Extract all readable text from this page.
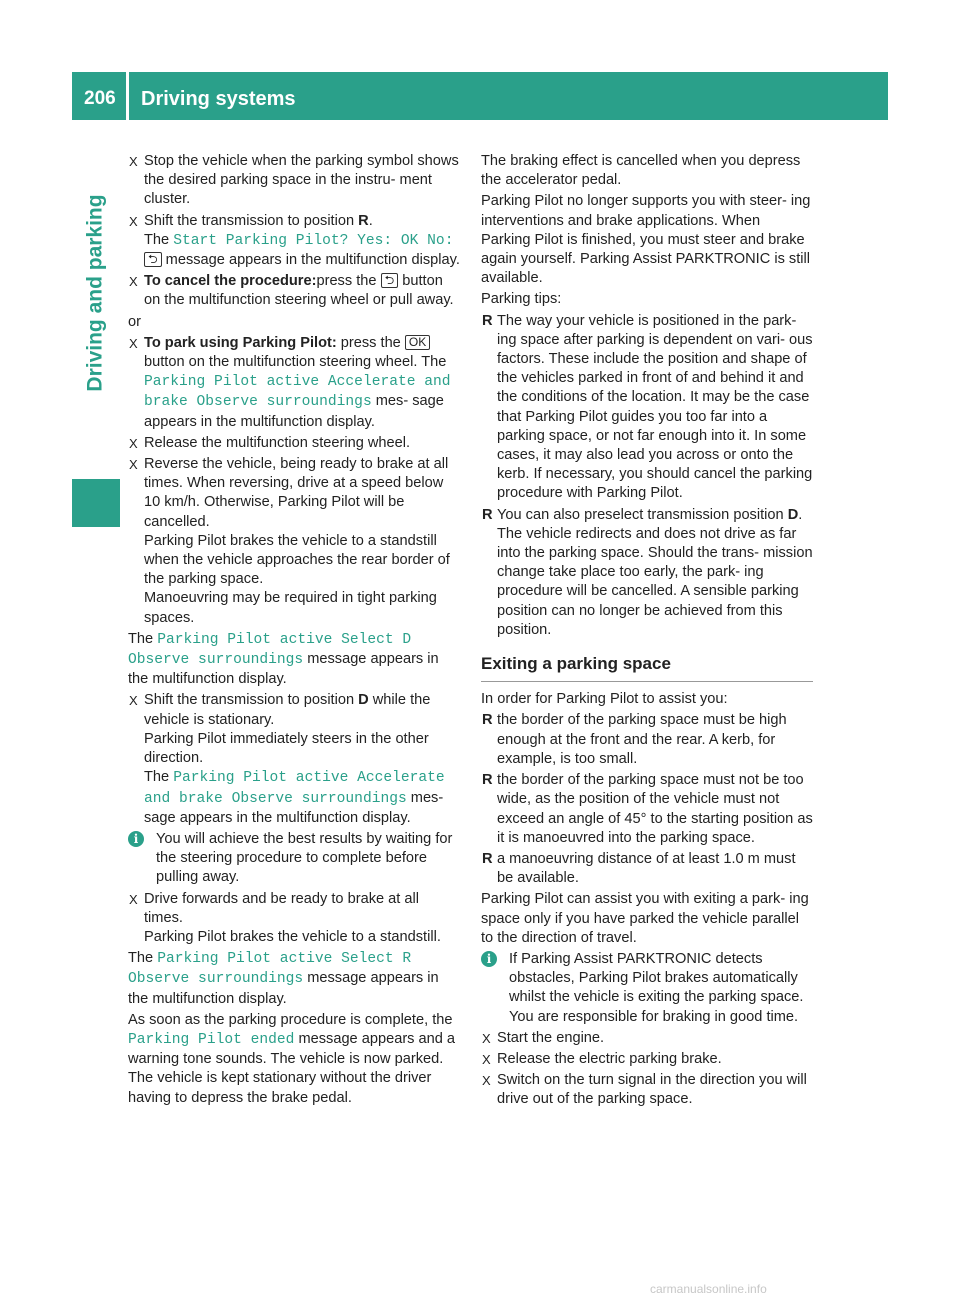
206 Driving systems
Driving and parking
X Stop the vehicle when the parking symbol shows the desired parking space in the instru- ment cluster.
X Shift the transmission to position R.
The Start Parking Pilot? Yes: OK No:
⮌ message appears in the multifunction display.
X To cancel the procedure:press the ⮌ button on the multifunction steering wheel or pull away.

or

X To park using Parking Pilot: press the OK button on the multifunction steering wheel. The Parking Pilot active Accelerate and brake Observe surroundings mes- sage appears in the multifunction display.
X Release the multifunction steering wheel.
X Reverse the vehicle, being ready to brake at all times. When reversing, drive at a speed below 10 km/h. Otherwise, Parking Pilot will be cancelled.
Parking Pilot brakes the vehicle to a standstill when the vehicle approaches the rear border of the parking space.
Manoeuvring may be required in tight parking spaces.

The Parking Pilot active Select D Observe surroundings message appears in the multifunction display.

X Shift the transmission to position D while the vehicle is stationary.
Parking Pilot immediately steers in the other direction.
The Parking Pilot active Accelerate and brake Observe surroundings mes- sage appears in the multifunction display.
i	You will achieve the best results by waiting for the steering procedure to complete before pulling away.
X Drive forwards and be ready to brake at all times.
Parking Pilot brakes the vehicle to a standstill.

The Parking Pilot active Select R Observe surroundings message appears in the multifunction display.

As soon as the parking procedure is complete, the Parking Pilot ended message appears and a warning tone sounds. The vehicle is now parked. The vehicle is kept stationary without the driver having to depress the brake pedal.

The braking effect is cancelled when you depress the accelerator pedal.

Parking Pilot no longer supports you with steer- ing interventions and brake applications. When Parking Pilot is finished, you must steer and brake again yourself. Parking Assist PARKTRONIC is still available.

Parking tips:

R The way your vehicle is positioned in the park- ing space after parking is dependent on vari- ous factors. These include the position and shape of the vehicles parked in front of and behind it and the conditions of the location. It may be the case that Parking Pilot guides you too far into a parking space, or not far enough into it. In some cases, it may also lead you across or onto the kerb. If necessary, you should cancel the parking procedure with Parking Pilot.
R You can also preselect transmission position D. The vehicle redirects and does not drive as far into the parking space. Should the trans- mission change take place too early, the park- ing procedure will be cancelled. A sensible parking position can no longer be achieved from this position.
Exiting a parking space

In order for Parking Pilot to assist you:

R the border of the parking space must be high enough at the front and the rear. A kerb, for example, is too small.
R the border of the parking space must not be too wide, as the position of the vehicle must not exceed an angle of 45° to the starting position as it is manoeuvred into the parking space.
R a manoeuvring distance of at least 1.0 m must be available.

Parking Pilot can assist you with exiting a park- ing space only if you have parked the vehicle parallel to the direction of travel.

i	If Parking Assist PARKTRONIC detects obstacles, Parking Pilot brakes automatically whilst the vehicle is exiting the parking space. You are responsible for braking in good time.
X Start the engine.
X Release the electric parking brake.
X Switch on the turn signal in the direction you will drive out of the parking space.
carmanualsonline.info
